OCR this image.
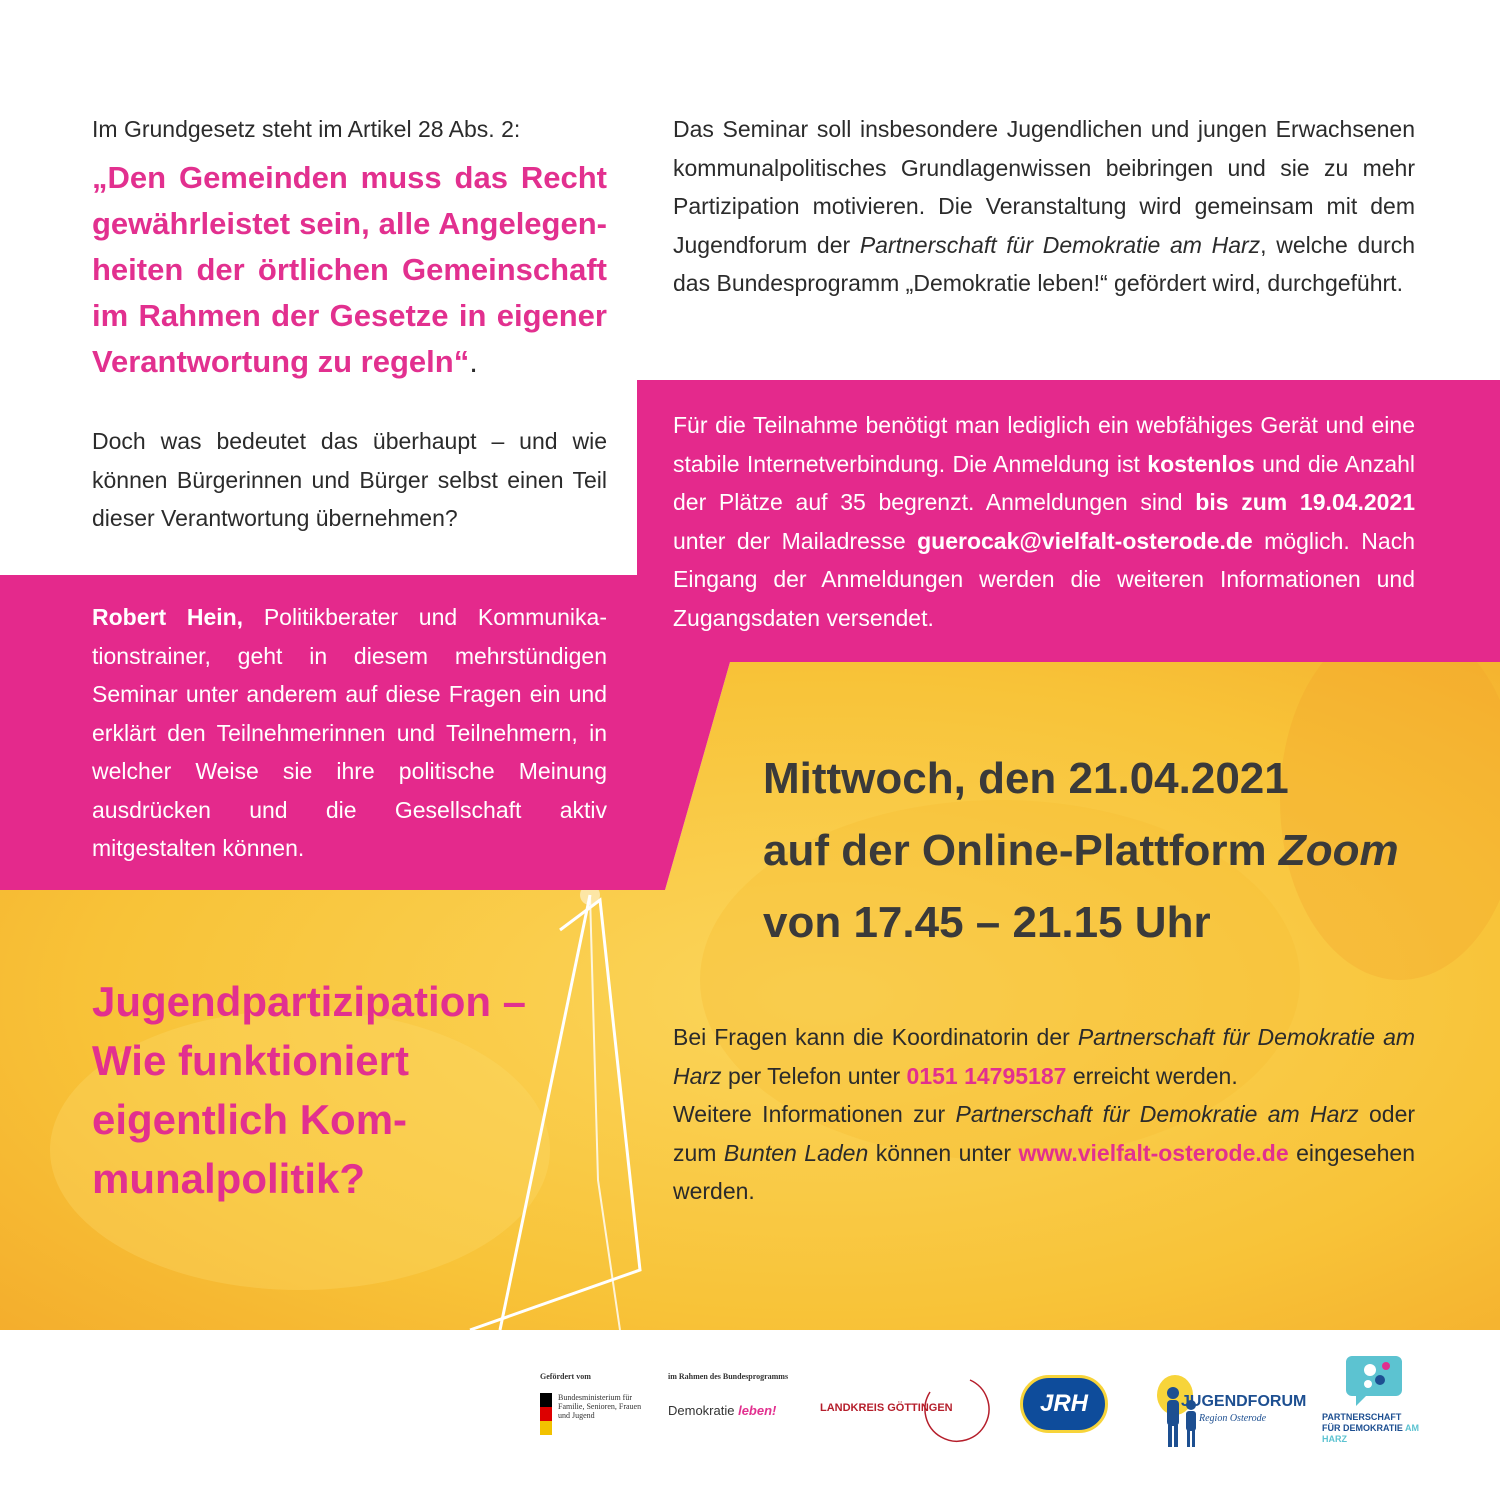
Im Grundgesetz steht im Artikel 28 Abs. 2:
„Den Gemeinden muss das Recht gewährleistet sein, alle Angelegenheiten der örtlichen Gemeinschaft im Rahmen der Gesetze in eigener Verantwortung zu regeln“.
Doch was bedeutet das überhaupt – und wie können Bürgerinnen und Bürger selbst einen Teil dieser Verantwortung übernehmen?
Das Seminar soll insbesondere Jugendlichen und jungen Erwachsenen kommunalpolitisches Grundlagenwissen beibringen und sie zu mehr Partizipation motivieren. Die Veranstaltung wird gemeinsam mit dem Jugendforum der Partnerschaft für Demokratie am Harz, welche durch das Bundesprogramm „Demokratie leben!“ gefördert wird, durchgeführt.
Für die Teilnahme benötigt man lediglich ein webfähiges Gerät und eine stabile Internetverbindung. Die Anmeldung ist kostenlos und die Anzahl der Plätze auf 35 begrenzt. Anmeldungen sind bis zum 19.04.2021 unter der Mailadresse guerocak@vielfalt-osterode.de möglich. Nach Eingang der Anmeldungen werden die weiteren Informationen und Zugangsdaten versendet.
Robert Hein, Politikberater und Kommunikationstrainer, geht in diesem mehrstündigen Seminar unter anderem auf diese Fragen ein und erklärt den Teilnehmerinnen und Teilnehmern, in welcher Weise sie ihre politische Meinung ausdrücken und die Gesellschaft aktiv mitgestalten können.
Mittwoch, den 21.04.2021
auf der Online-Plattform Zoom
von 17.45 – 21.15 Uhr
Jugendpartizipation – Wie funktioniert eigentlich Kommunalpolitik?
Bei Fragen kann die Koordinatorin der Partnerschaft für Demokratie am Harz per Telefon unter 0151 14795187 erreicht werden.
Weitere Informationen zur Partnerschaft für Demokratie am Harz oder zum Bunten Laden können unter www.vielfalt-osterode.de eingesehen werden.
Gefördert vom
Bundesministerium für Familie, Senioren, Frauen und Jugend
im Rahmen des Bundesprogramms
Demokratie leben!	LANDKREIS GÖTTINGEN	JRH	JUGENDFORUM
Region Osterode	PARTNERSCHAFT
FÜR DEMOKRATIE AM HARZ
